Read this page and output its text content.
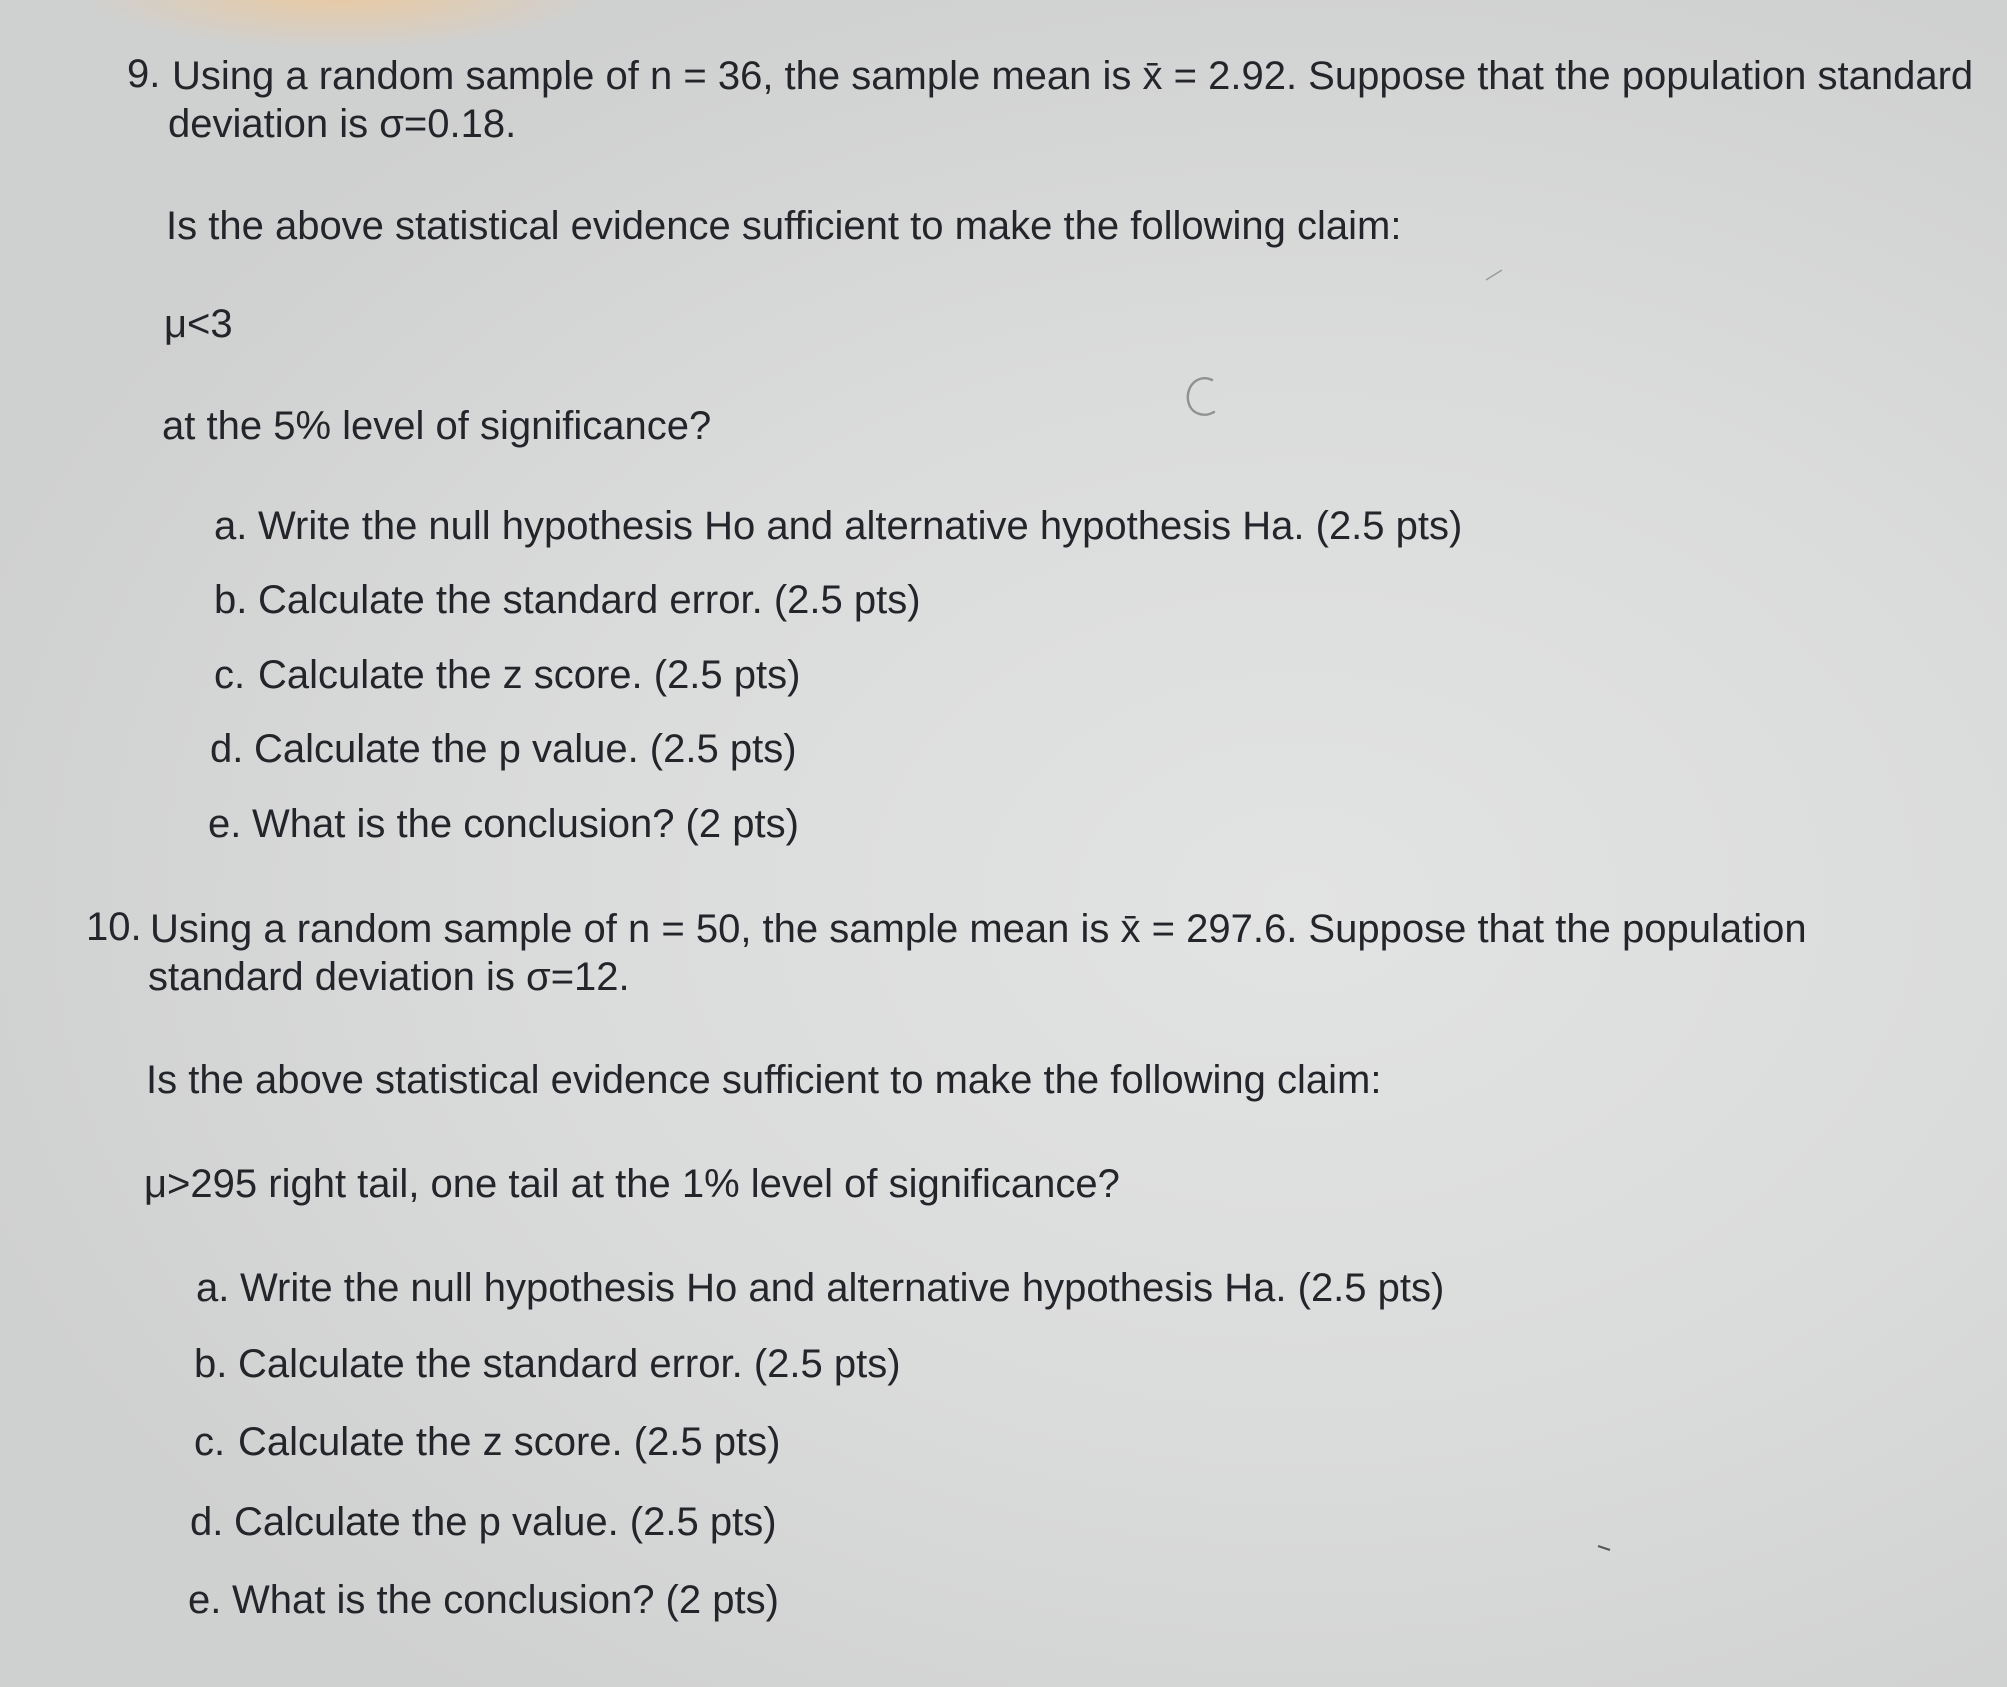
9. Using a random sample of n = 36, the sample mean is x̄ = 2.92. Suppose that the population standard
deviation is σ=0.18.
Is the above statistical evidence sufficient to make the following claim:
μ<3
at the 5% level of significance?
a. Write the null hypothesis Ho and alternative hypothesis Ha. (2.5 pts)
b. Calculate the standard error. (2.5 pts)
c. Calculate the z score. (2.5 pts)
d. Calculate the p value. (2.5 pts)
e. What is the conclusion? (2 pts)
10. Using a random sample of n = 50, the sample mean is x̄ = 297.6. Suppose that the population
standard deviation is σ=12.
Is the above statistical evidence sufficient to make the following claim:
μ>295 right tail, one tail at the 1% level of significance?
a. Write the null hypothesis Ho and alternative hypothesis Ha. (2.5 pts)
b. Calculate the standard error. (2.5 pts)
c. Calculate the z score. (2.5 pts)
d. Calculate the p value. (2.5 pts)
e. What is the conclusion? (2 pts)
